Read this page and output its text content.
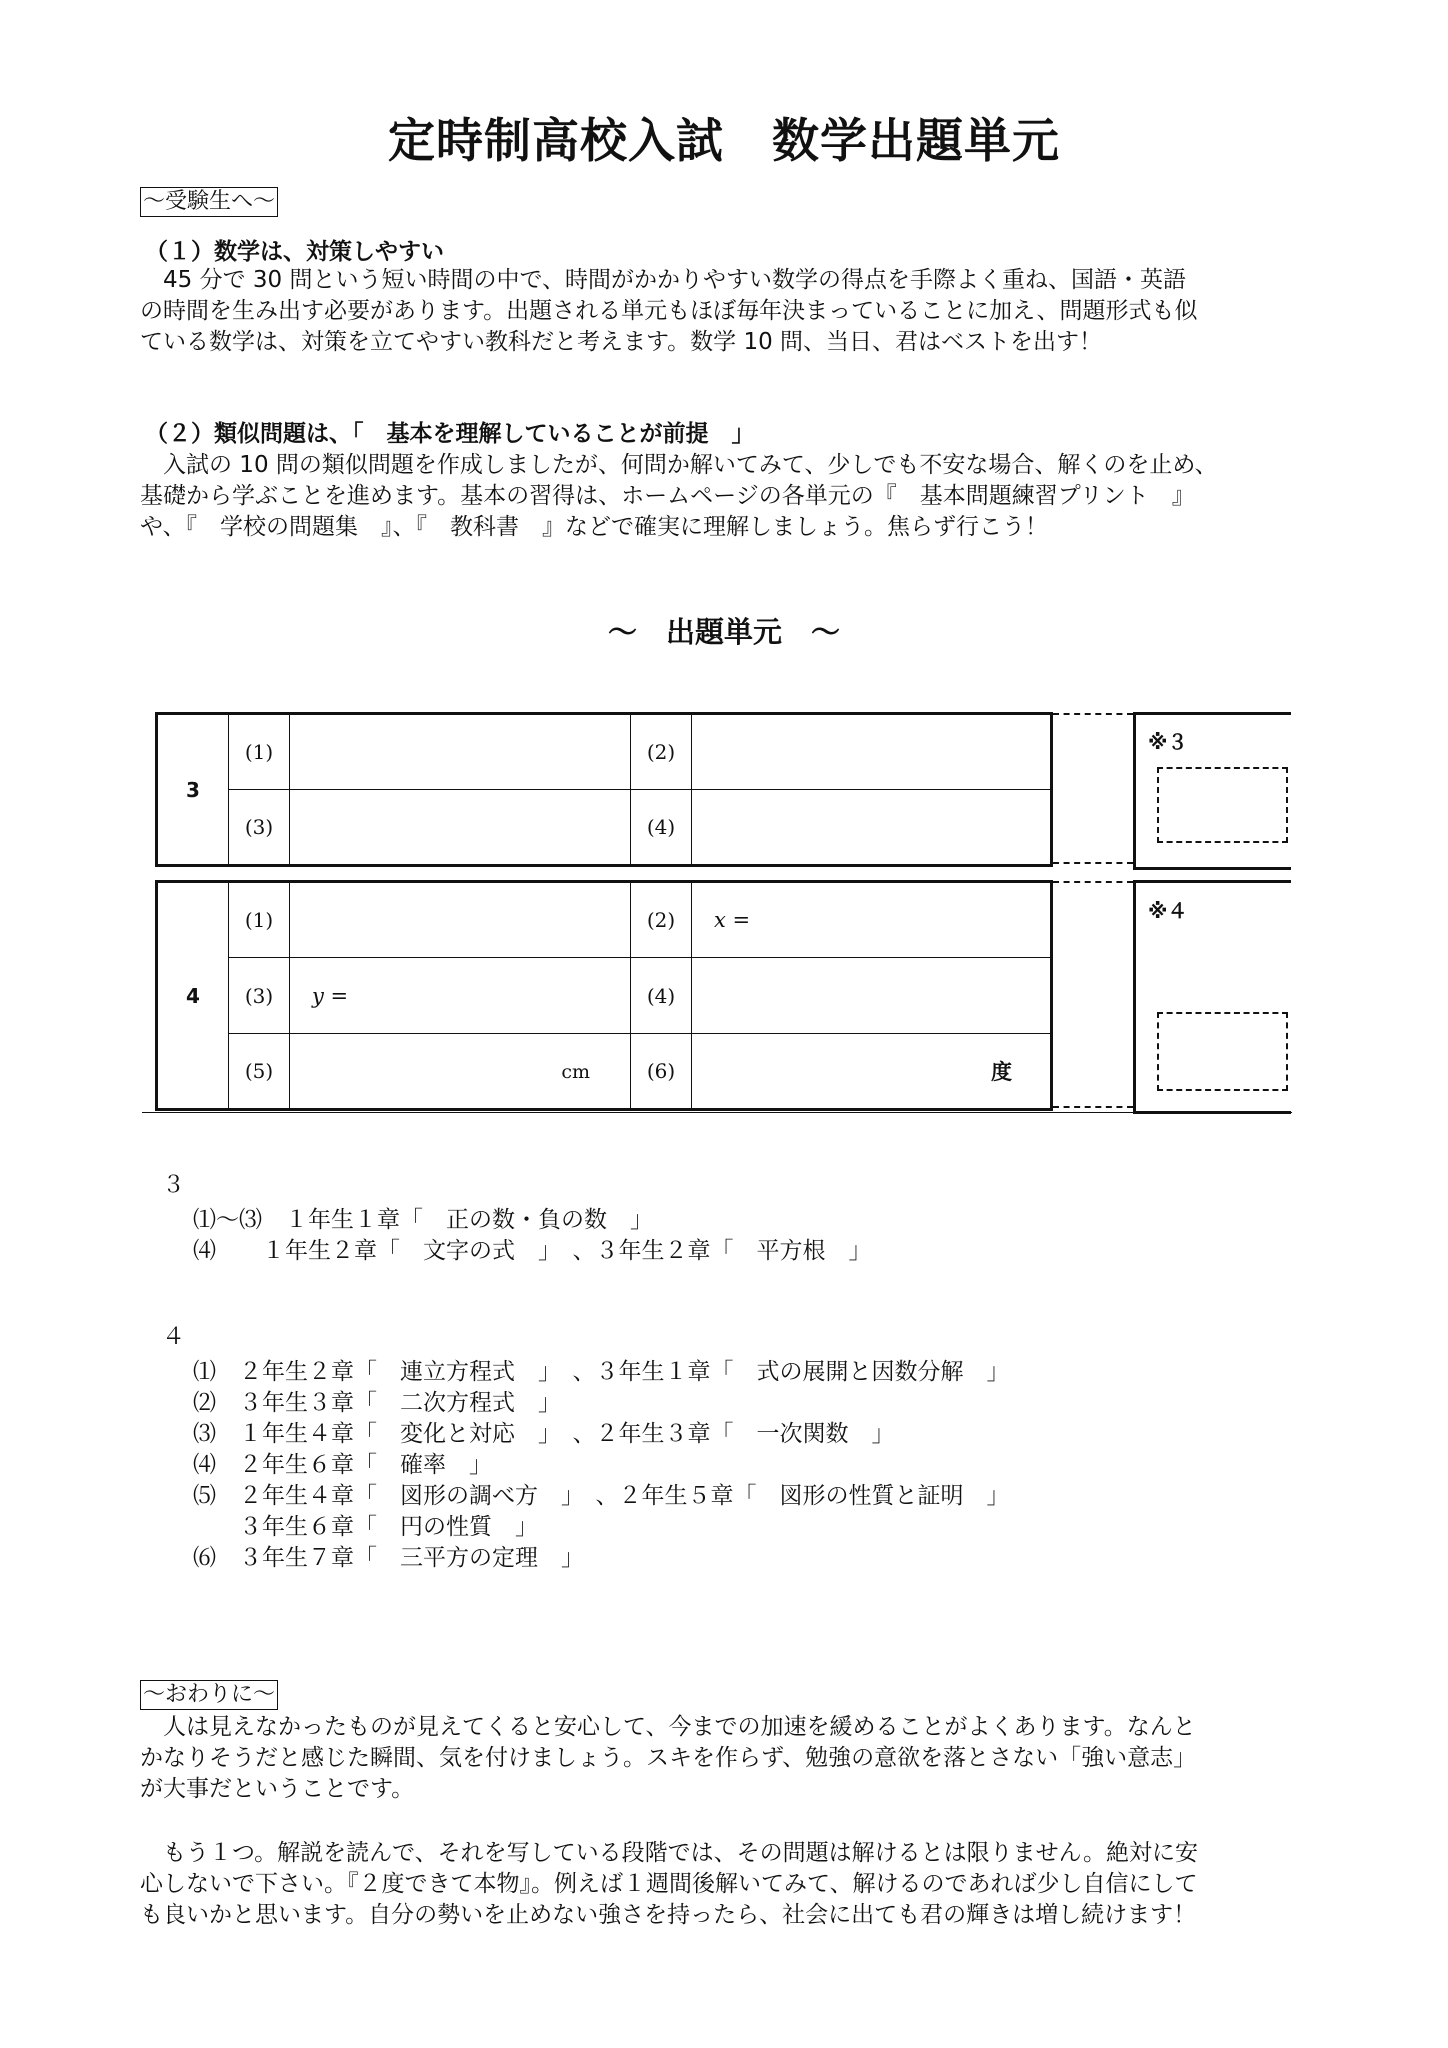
定時制高校入試　数学出題単元
～受験生へ～
（１）数学は、対策しやすい

　45 分で 30 問という短い時間の中で、時間がかかりやすい数学の得点を手際よく重ね、国語・英語

の時間を生み出す必要があります。出題される単元もほぼ毎年決まっていることに加え、問題形式も似

ている数学は、対策を立てやすい教科だと考えます。数学 10 問、当日、君はベストを出す！

（２）類似問題は、「　基本を理解していることが前提　」

　入試の 10 問の類似問題を作成しましたが、何問か解いてみて、少しでも不安な場合、解くのを止め、

基礎から学ぶことを進めます。基本の習得は、ホームページの各単元の『　基本問題練習プリント　』

や、『　学校の問題集　』、『　教科書　』などで確実に理解しましょう。焦らず行こう！

～　出題単元　～
3	(1)		(2)	
	(3)		(4)	
※３
4	(1)		(2)	x =
	(3)	y =	(4)	
	(5)	cm	(6)	度
※４
３
⑴～⑶　１年生１章「　正の数・負の数　」
⑷　　１年生２章「　文字の式　」　、３年生２章「　平方根　」
４
⑴　２年生２章「　連立方程式　」　、３年生１章「　式の展開と因数分解　」
⑵　３年生３章「　二次方程式　」
⑶　１年生４章「　変化と対応　」　、２年生３章「　一次関数　」
⑷　２年生６章「　確率　」
⑸　２年生４章「　図形の調べ方　」　、２年生５章「　図形の性質と証明　」
　　３年生６章「　円の性質　」
⑹　３年生７章「　三平方の定理　」
～おわりに～

　人は見えなかったものが見えてくると安心して、今までの加速を緩めることがよくあります。なんと

かなりそうだと感じた瞬間、気を付けましょう。スキを作らず、勉強の意欲を落とさない「強い意志」

が大事だということです。

　もう１つ。解説を読んで、それを写している段階では、その問題は解けるとは限りません。絶対に安

心しないで下さい。『２度できて本物』。例えば１週間後解いてみて、解けるのであれば少し自信にして

も良いかと思います。自分の勢いを止めない強さを持ったら、社会に出ても君の輝きは増し続けます！
